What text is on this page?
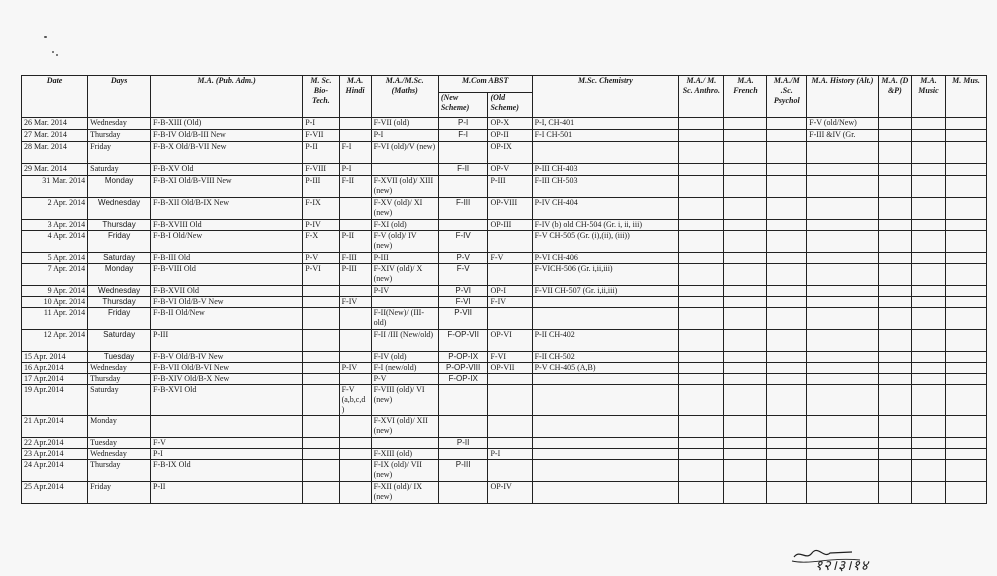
Date	Days	M.A. (Pub. Adm.)	M. Sc. Bio- Tech.	M.A. Hindi	M.A./M.Sc. (Maths)	M.Com ABST		M.Sc. Chemistry	M.A./ M. Sc. Anthro.	M.A. French	M.A./M .Sc. Psychol	M.A. History (Alt.)	M.A. (D &P)	M.A. Music	M. Mus.
						(New Scheme)	(Old Scheme)								
26 Mar. 2014	Wednesday	F-B-XIII (Old)	P-I		F-VII (old)	P-I	OP-X	P-I, CH-401				F-V (old/New)			
27 Mar. 2014	Thursday	F-B-IV Old/B-III New	F-VII		P-I	F-I	OP-II	F-I CH-501				F-III &IV (Gr.			
28 Mar. 2014	Friday	F-B-X Old/B-VII New	P-II	F-I	F-VI (old)/V (new)		OP-IX								
29 Mar. 2014	Saturday	F-B-XV Old	F-VIII	P-I		F-II	OP-V	P-III CH-403							
31 Mar. 2014	Monday	F-B-XI Old/B-VIII New	P-III	F-II	F-XVII (old)/ XIII (new)		P-III	F-III CH-503							
2 Apr. 2014	Wednesday	F-B-XII Old/B-IX New	F-IX		F-XV (old)/ XI (new)	F-III	OP-VIII	P-IV CH-404							
3 Apr. 2014	Thursday	F-B-XVIII Old	P-IV		F-XI (old)		OP-III	F-IV (b) old CH-504 (Gr. i, ii, iii)							
4 Apr. 2014	Friday	F-B-I Old/New	F-X	P-II	F-V (old)/ IV (new)	F-IV		F-V CH-505 (Gr. (i),(ii), (iii))							
5 Apr. 2014	Saturday	F-B-III Old	P-V	F-III	P-III	P-V	F-V	P-VI CH-406							
7 Apr. 2014	Monday	F-B-VIII Old	P-VI	P-III	F-XIV (old)/ X (new)	F-V		F-VICH-506 (Gr. i,ii,iii)							
9 Apr. 2014	Wednesday	F-B-XVII Old			P-IV	P-VI	OP-I	F-VII CH-507 (Gr. i,ii,iii)							
10 Apr. 2014	Thursday	F-B-VI Old/B-V New		F-IV		F-VI	F-IV								
11 Apr. 2014	Friday	F-B-II Old/New			F-II(New)/ (III- old)	P-VII									
12 Apr. 2014	Saturday	P-III			F-II /III (New/old)	F-OP-VII	OP-VI	P-II CH-402							
15 Apr. 2014	Tuesday	F-B-V Old/B-IV New			F-IV (old)	P-OP-IX	F-VI	F-II CH-502							
16 Apr.2014	Wednesday	F-B-VII Old/B-VI New		P-IV	F-I (new/old)	P-OP-VIII	OP-VII	P-V CH-405 (A,B)							
17 Apr.2014	Thursday	F-B-XIV Old/B-X New			P-V	F-OP-IX									
19 Apr.2014	Saturday	F-B-XVI Old		F-V (a,b,c,d )	F-VIII (old)/ VI (new)										
21 Apr.2014	Monday				F-XVI (old)/ XII (new)										
22 Apr.2014	Tuesday	F-V				P-II									
23 Apr.2014	Wednesday	P-I			F-XIII (old)		P-I								
24 Apr.2014	Thursday	F-B-IX Old			F-IX (old)/ VII (new)	P-III									
25 Apr.2014	Friday	P-II			F-XII (old)/ IX (new)		OP-IV								
१२।३।१४
